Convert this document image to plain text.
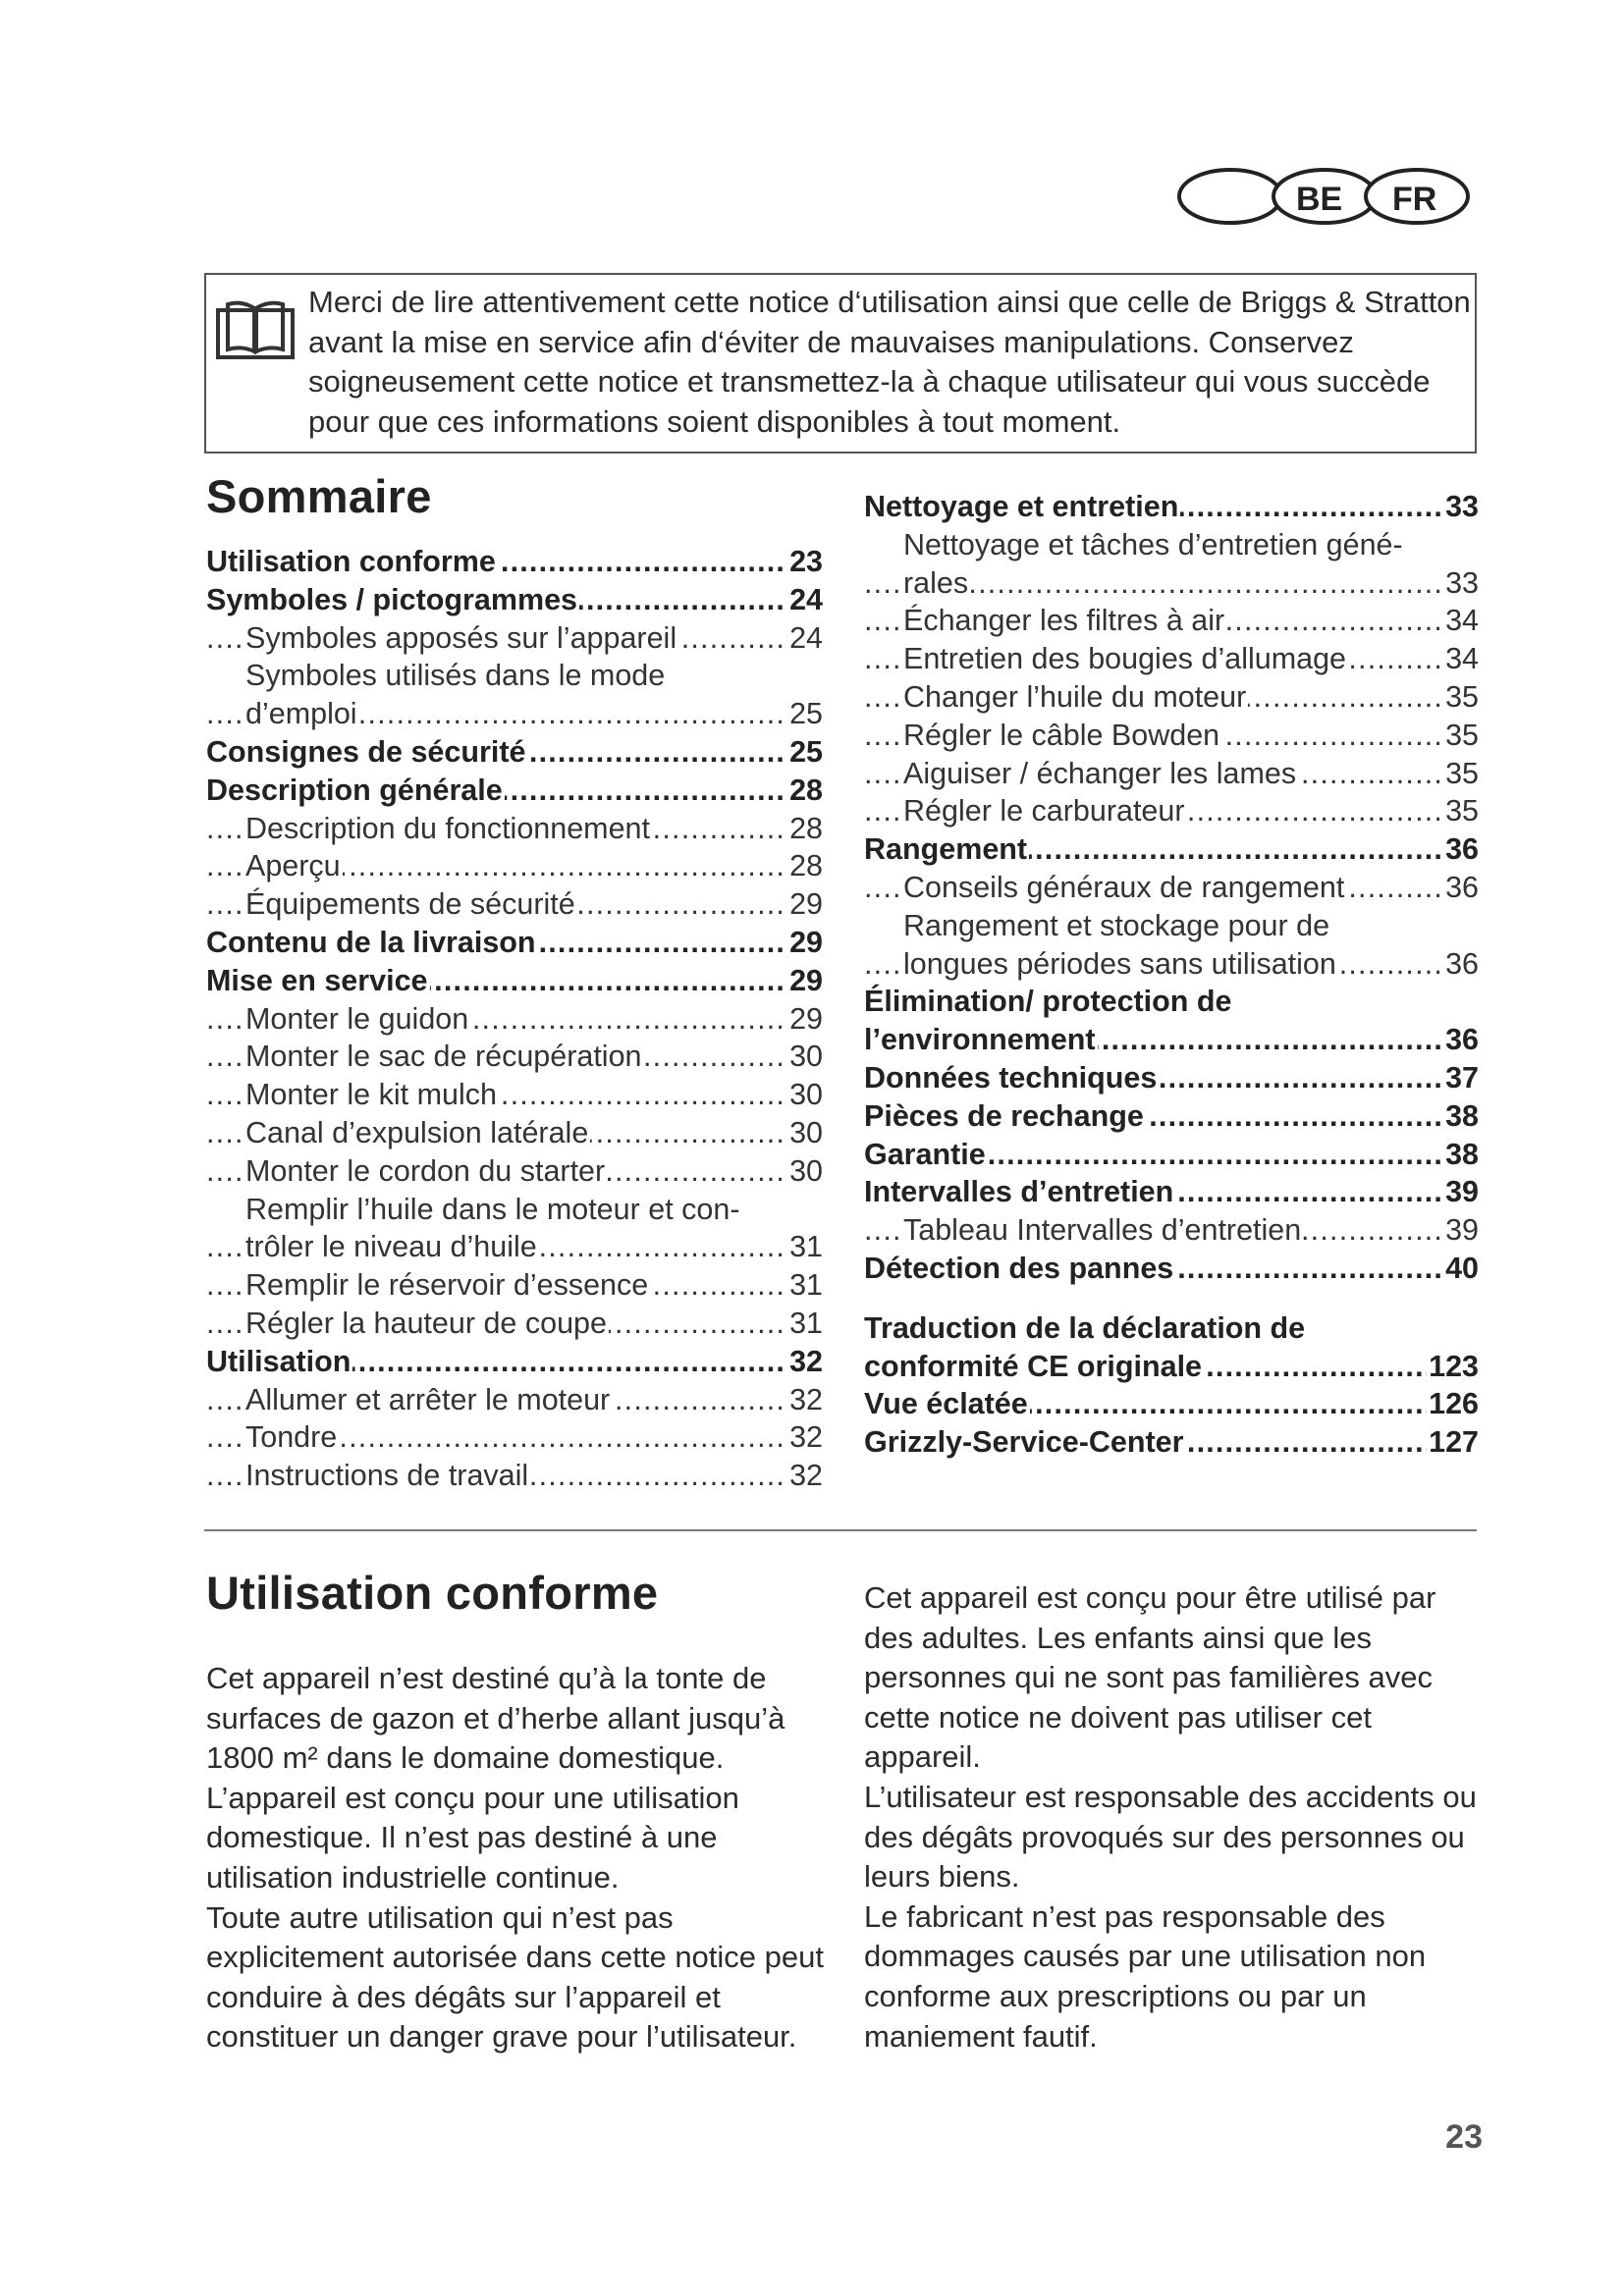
BE FR
Merci de lire attentivement cette notice d‘utilisation ainsi que celle de Briggs & Stratton avant la mise en service afin d‘éviter de mauvaises manipulations. Conservez soigneusement cette notice et transmettez-la à chaque utilisateur qui vous succède pour que ces informations soient disponibles à tout moment.
Sommaire
Utilisation conforme	23
Symboles / pictogrammes	24
Symboles apposés sur l’appareil	24
Symboles utilisés dans le mode
d’emploi	25
Consignes de sécurité	25
Description générale	28
Description du fonctionnement	28
Aperçu	28
Équipements de sécurité	29
Contenu de la livraison	29
Mise en service	29
Monter le guidon	29
Monter le sac de récupération	30
Monter le kit mulch	30
Canal d’expulsion latérale	30
Monter le cordon du starter	30
Remplir l’huile dans le moteur et con-
trôler le niveau d’huile	31
Remplir le réservoir d’essence	31
Régler la hauteur de coupe	31
Utilisation	32
Allumer et arrêter le moteur	32
Tondre	32
Instructions de travail	32
Nettoyage et entretien	33
Nettoyage et tâches d’entretien géné-
rales	33
Échanger les filtres à air	34
Entretien des bougies d’allumage	34
Changer l’huile du moteur	35
Régler le câble Bowden	35
Aiguiser / échanger les lames	35
Régler le carburateur	35
Rangement	36
Conseils généraux de rangement	36
Rangement et stockage pour de
longues périodes sans utilisation	36
Élimination/ protection de
l’environnement	36
Données techniques	37
Pièces de rechange	38
Garantie	38
Intervalles d’entretien	39
Tableau Intervalles d’entretien	39
Détection des pannes	40
Traduction de la déclaration de
conformité CE originale	123
Vue éclatée	126
Grizzly-Service-Center	127
Utilisation conforme

Cet appareil n’est destiné qu’à la tonte de surfaces de gazon et d’herbe allant jusqu’à 1800 m² dans le domaine domestique. L’appareil est conçu pour une utilisation domestique. Il n’est pas destiné à une utilisation industrielle continue.

Toute autre utilisation qui n’est pas explicitement autorisée dans cette notice peut conduire à des dégâts sur l’appareil et constituer un danger grave pour l’utilisateur.

Cet appareil est conçu pour être utilisé par des adultes. Les enfants ainsi que les personnes qui ne sont pas familières avec cette notice ne doivent pas utiliser cet appareil.

L’utilisateur est responsable des accidents ou des dégâts provoqués sur des personnes ou leurs biens.

Le fabricant n’est pas responsable des dommages causés par une utilisation non conforme aux prescriptions ou par un maniement fautif.

23
